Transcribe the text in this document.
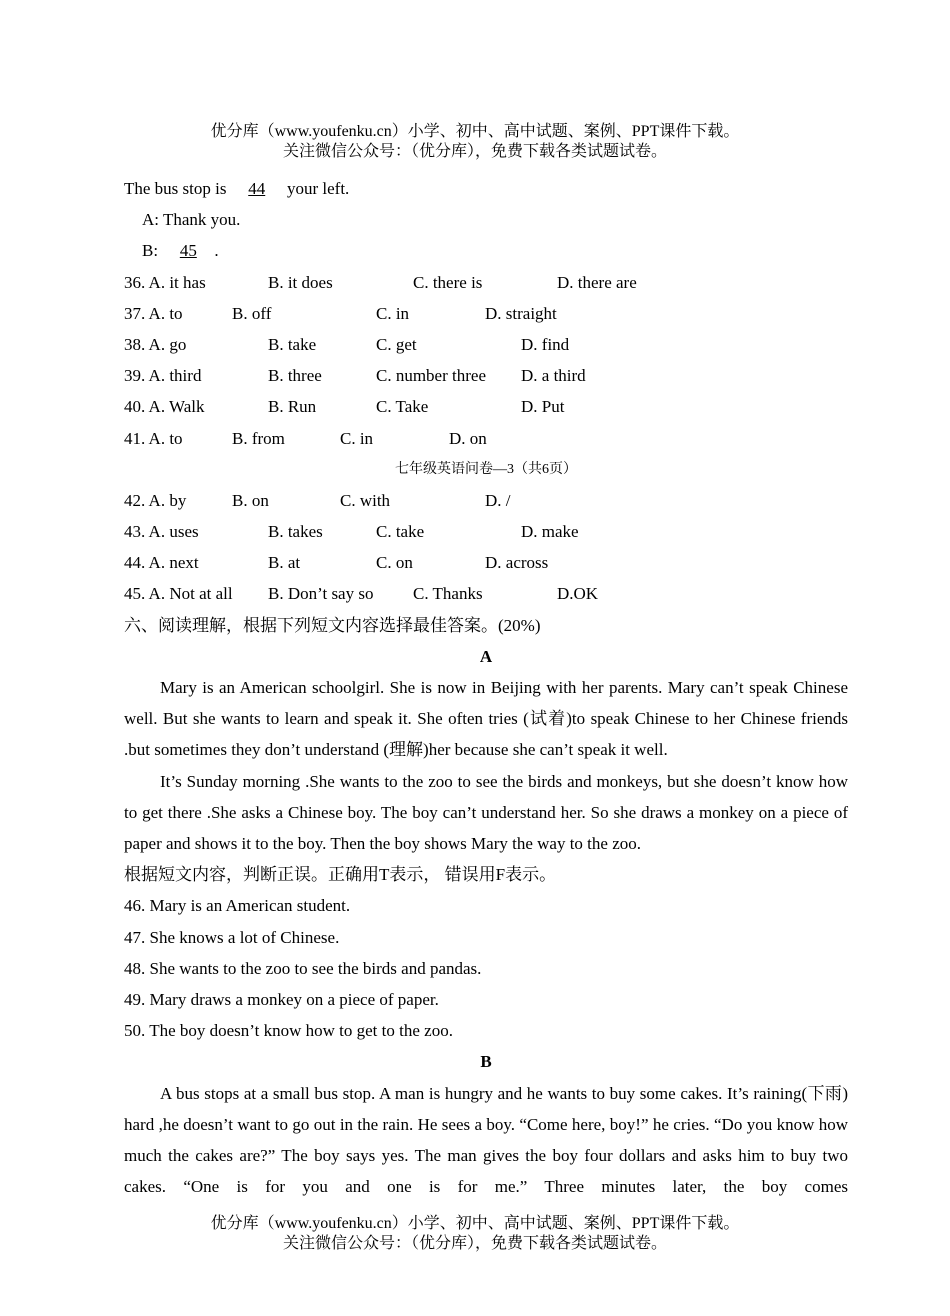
优分库（www.youfenku.cn）小学、初中、高中试题、案例、PPT课件下载。
关注微信公众号：（优分库），免费下载各类试题试卷。
The bus stop is 44 your left.
A: Thank you.
B: 45 .
36. A. it has	B. it does	C. there is	D. there are
37. A. to	B. off	C. in	D. straight
38. A. go	B. take	C. get	D. find
39. A. third	B. three	C. number three D. a third
40. A. Walk	B. Run	C. Take	D. Put
41. A. to	B. from	C. in	D. on
七年级英语问卷—3（共6页）
42. A. by	B. on	C. with	D. /
43. A. uses	B. takes	C. take	D. make
44. A. next	B. at	C. on	D. across
45. A. Not at all B. Don’t say so C. Thanks	D.OK
六、阅读理解，根据下列短文内容选择最佳答案。(20%)
A
Mary is an American schoolgirl. She is now in Beijing with her parents. Mary can’t speak Chinese well. But she wants to learn and speak it. She often tries (试着)to speak Chinese to her Chinese friends .but sometimes they don’t understand (理解)her because she can’t speak it well.
It’s Sunday morning .She wants to the zoo to see the birds and monkeys, but she doesn’t know how to get there .She asks a Chinese boy. The boy can’t understand her. So she draws a monkey on a piece of paper and shows it to the boy. Then the boy shows Mary the way to the zoo.
根据短文内容，判断正误。正确用T表示， 错误用F表示。
46. Mary is an American student.
47. She knows a lot of Chinese.
48. She wants to the zoo to see the birds and pandas.
49. Mary draws a monkey on a piece of paper.
50. The boy doesn’t know how to get to the zoo.
B
A bus stops at a small bus stop. A man is hungry and he wants to buy some cakes. It’s raining(下雨) hard ,he doesn’t want to go out in the rain. He sees a boy. “Come here, boy!” he cries. “Do you know how much the cakes are?” The boy says yes. The man gives the boy four dollars and asks him to buy two cakes. “One is for you and one is for me.” Three minutes later, the boy comes
优分库（www.youfenku.cn）小学、初中、高中试题、案例、PPT课件下载。
关注微信公众号：（优分库），免费下载各类试题试卷。
